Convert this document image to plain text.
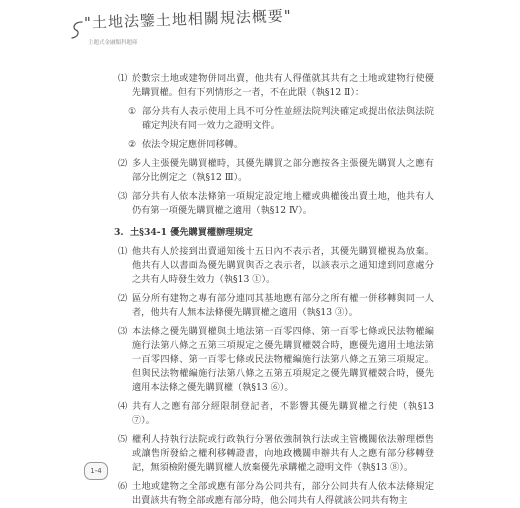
"土地法鑒土地相關規法概要"
主題式金融類科題庫

⑴ 於數宗土地或建物併同出賣，他共有人得僅就其共有之土地或建物行使優先購買權。但有下列情形之一者，不在此限（執§12 Ⅱ）：

① 部分共有人表示使用上具不可分性並經法院判決確定或提出依法與法院確定判決有同一效力之證明文件。

② 依法令規定應併同移轉。

⑵ 多人主張優先購買權時，其優先購買之部分應按各主張優先購買人之應有部分比例定之（執§12 Ⅲ）。

⑶ 部分共有人依本法條第一項規定設定地上權或典權後出賣土地，他共有人仍有第一項優先購買權之適用（執§12 Ⅳ）。

3. 土§34-1 優先購買權辦理規定

⑴ 他共有人於接到出賣通知後十五日內不表示者，其優先購買權視為放棄。他共有人以書面為優先購買與否之表示者，以該表示之通知達到同意處分之共有人時發生效力（執§13 ①）。

⑵ 區分所有建物之專有部分連同其基地應有部分之所有權一併移轉與同一人者，他共有人無本法條優先購買權之適用（執§13 ③）。

⑶ 本法條之優先購買權與土地法第一百零四條、第一百零七條或民法物權編施行法第八條之五第三項規定之優先購買權競合時，應優先適用土地法第一百零四條、第一百零七條或民法物權編施行法第八條之五第三項規定。但與民法物權編施行法第八條之五第五項規定之優先購買權競合時，優先適用本法條之優先購買權（執§13 ⑥）。

⑷ 共有人之應有部分經限制登記者，不影響其優先購買權之行使（執§13 ⑦）。

⑸ 權利人持執行法院或行政執行分署依強制執行法或主管機關依法辦理標售或讓售所發給之權利移轉證書，向地政機關申辦共有人之應有部分移轉登記，無須檢附優先購買權人放棄優先承購權之證明文件（執§13 ⑧）。

⑹ 土地或建物之全部或應有部分為公同共有，部分公同共有人依本法條規定出賣該共有物全部或應有部分時，他公同共有人得就該公同共有物主

1-4
